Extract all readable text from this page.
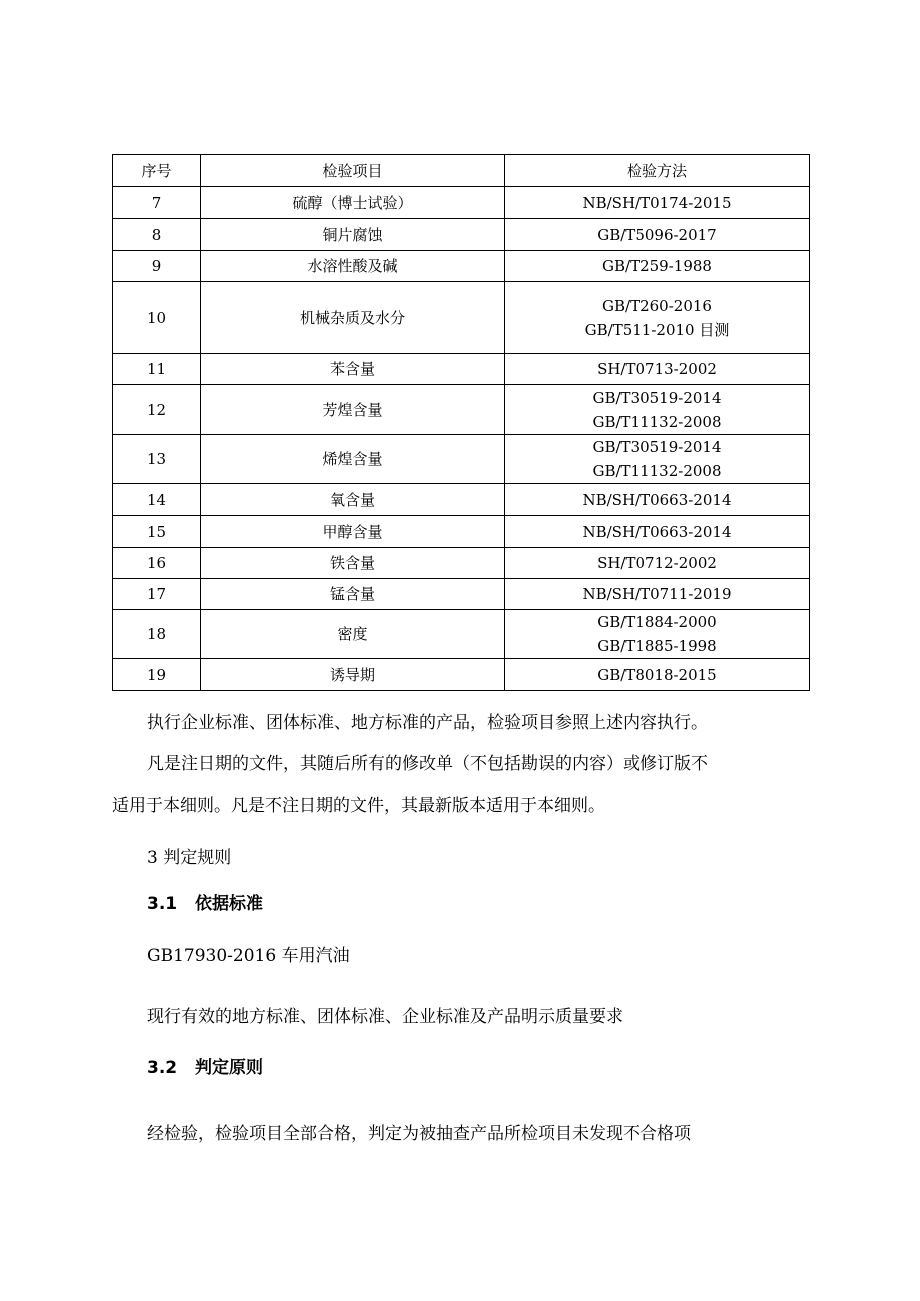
序号	检验项目	检验方法
7	硫醇（博士试验）	NB/SH/T0174-2015

8	铜片腐蚀	GB/T5096-2017

9	水溶性酸及碱	GB/T259-1988

10	机械杂质及水分	GB/T260-2016
GB/T511-2010 目测

11	苯含量	SH/T0713-2002

12	芳煌含量	GB/T30519-2014
GB/T11132-2008

13	烯煌含量	GB/T30519-2014
GB/T11132-2008

14	氧含量	NB/SH/T0663-2014

15	甲醇含量	NB/SH/T0663-2014

16	铁含量	SH/T0712-2002

17	锰含量	NB/SH/T0711-2019

18	密度	GB/T1884-2000
GB/T1885-1998

19	诱导期	GB/T8018-2015

执行企业标准、团体标准、地方标准的产品，检验项目参照上述内容执行。

凡是注日期的文件，其随后所有的修改单（不包括勘误的内容）或修订版不

适用于本细则。凡是不注日期的文件，其最新版本适用于本细则。

3 判定规则

3.1 依据标准

GB17930-2016 车用汽油

现行有效的地方标准、团体标准、企业标准及产品明示质量要求

3.2 判定原则

经检验，检验项目全部合格，判定为被抽查产品所检项目未发现不合格项
